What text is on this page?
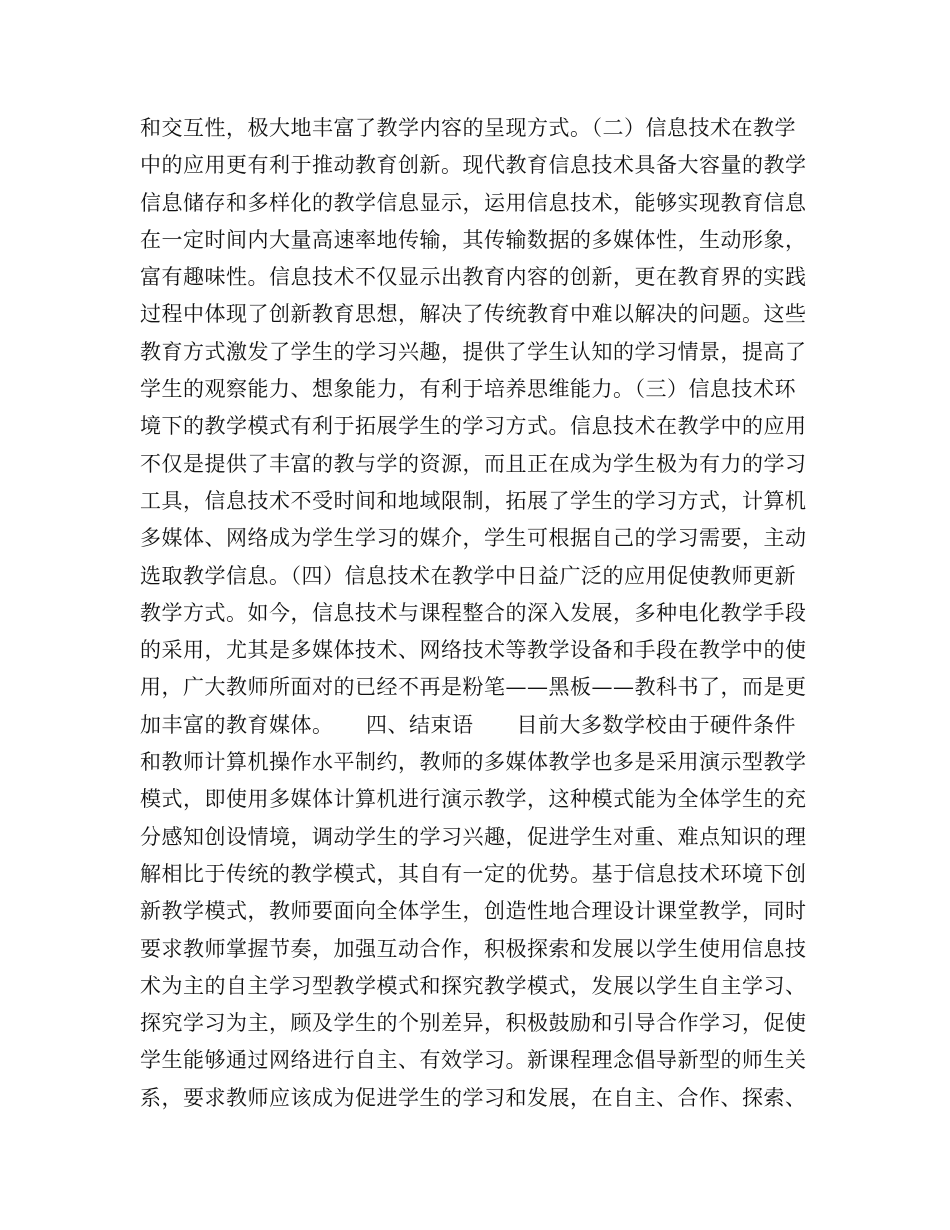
和交互性，极大地丰富了教学内容的呈现方式。（二）信息技术在教学
中的应用更有利于推动教育创新。现代教育信息技术具备大容量的教学
信息储存和多样化的教学信息显示，运用信息技术，能够实现教育信息
在一定时间内大量高速率地传输，其传输数据的多媒体性，生动形象，
富有趣味性。信息技术不仅显示出教育内容的创新，更在教育界的实践
过程中体现了创新教育思想，解决了传统教育中难以解决的问题。这些
教育方式激发了学生的学习兴趣，提供了学生认知的学习情景，提高了
学生的观察能力、想象能力，有利于培养思维能力。（三）信息技术环
境下的教学模式有利于拓展学生的学习方式。信息技术在教学中的应用
不仅是提供了丰富的教与学的资源，而且正在成为学生极为有力的学习
工具，信息技术不受时间和地域限制，拓展了学生的学习方式，计算机
多媒体、网络成为学生学习的媒介，学生可根据自己的学习需要，主动
选取教学信息。（四）信息技术在教学中日益广泛的应用促使教师更新
教学方式。如今，信息技术与课程整合的深入发展，多种电化教学手段
的采用，尤其是多媒体技术、网络技术等教学设备和手段在教学中的使
用，广大教师所面对的已经不再是粉笔——黑板——教科书了，而是更
加丰富的教育媒体。　　四、结束语　　目前大多数学校由于硬件条件
和教师计算机操作水平制约，教师的多媒体教学也多是采用演示型教学
模式，即使用多媒体计算机进行演示教学，这种模式能为全体学生的充
分感知创设情境，调动学生的学习兴趣，促进学生对重、难点知识的理
解相比于传统的教学模式，其自有一定的优势。基于信息技术环境下创
新教学模式，教师要面向全体学生，创造性地合理设计课堂教学，同时
要求教师掌握节奏，加强互动合作，积极探索和发展以学生使用信息技
术为主的自主学习型教学模式和探究教学模式，发展以学生自主学习、
探究学习为主，顾及学生的个别差异，积极鼓励和引导合作学习，促使
学生能够通过网络进行自主、有效学习。新课程理念倡导新型的师生关
系，要求教师应该成为促进学生的学习和发展，在自主、合作、探索、
